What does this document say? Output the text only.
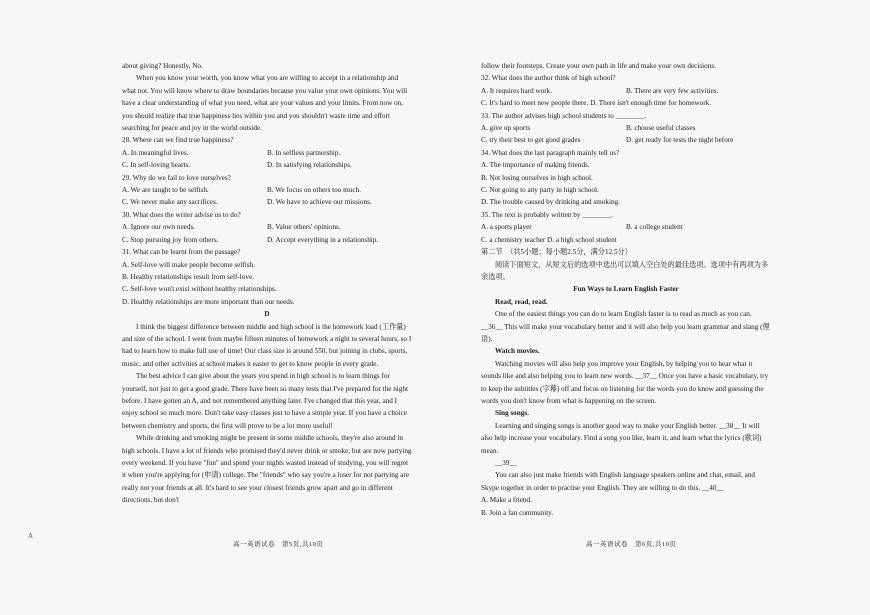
about giving? Honestly, No.

When you know your worth, you know what you are willing to accept in a relationship and what not. You will know where to draw boundaries because you value your own opinions. You will have a clear understanding of what you need, what are your values and your limits. From now on, you should realize that true happiness lies within you and you shouldn't waste time and effort searching for peace and joy in the world outside.

28. Where can we find true happiness?

A. In meaningful lives.	B. In selfless partnership.

C. In self-loving hearts.	D. In satisfying relationships.

29. Why do we fail to love ourselves?

A. We are taught to be selfish.	B. We focus on others too much.

C. We never make any sacrifices.	D. We have to achieve our missions.

30. What does the writer advise us to do?

A. Ignore our own needs.	B. Value others' opinions.

C. Stop pursuing joy from others.	D. Accept everything in a relationship.

31. What can be learnt from the passage?

A. Self-love will make people become selfish.

B. Healthy relationships result from self-love.

C. Self-love won't exist without healthy relationships.

D. Healthy relationships are more important than our needs.

D

I think the biggest difference between middle and high school is the homework load (工作量) and size of the school. I went from maybe fifteen minutes of homework a night to several hours, so I had to learn how to make full use of time! Our class size is around 550, but joining in clubs, sports, music, and other activities at school makes it easier to get to know people in every grade.

The best advice I can give about the years you spend in high school is to learn things for yourself, not just to get a good grade. There have been so many tests that I've prepared for the night before. I have gotten an A, and not remembered anything later. I've changed that this year, and I enjoy school so much more. Don't take easy classes just to have a simple year. If you have a choice between chemistry and sports, the first will prove to be a lot more useful!

While drinking and smoking might be present in some middle schools, they're also around in high schools. I have a lot of friends who promised they'd never drink or smoke, but are now partying every weekend. If you have "fun" and spend your nights wasted instead of studying, you will regret it when you're applying for (申请) college. The "friends" who say you're a loser for not partying are really not your friends at all. It's hard to see your closest friends grow apart and go in different directions, but don't

follow their footsteps. Create your own path in life and make your own decisions.

32. What does the author think of high school?

A. It requires hard work.	B. There are very few activities.

C. It's hard to meet new people there. D. There isn't enough time for homework.

33. The author advises high school students to ________.

A. give up sports	B. choose useful classes

C. try their best to get good grades	D. get ready for tests the night before

34. What does the last paragraph mainly tell us?

A. The importance of making friends.

B. Not losing ourselves in high school.

C. Not going to any party in high school.

D. The trouble caused by drinking and smoking.

35. The text is probably written by ________.

A. a sports player	B. a college student

C. a chemistry teacher D. a high school student

第二节　（共5小题；每小题2.5分，满分12.5分）

阅读下面短文，从短文后的选项中选出可以填入空白处的最佳选项。选项中有两项为多余选项。

Fun Ways to Learn English Faster

Read, read, read.

One of the easiest things you can do to learn English faster is to read as much as you can. __36__ This will make your vocabulary better and it will also help you learn grammar and slang (俚语).

Watch movies.

Watching movies will also help you improve your English, by helping you to hear what it sounds like and also helping you to learn new words. __37__ Once you have a basic vocabulary, try to keep the subtitles (字幕) off and focus on listening for the words you do know and guessing the words you don't know from what is happening on the screen.

Sing songs.

Learning and singing songs is another good way to make your English better. __38__ It will also help increase your vocabulary. Find a song you like, learn it, and learn what the lyrics (歌词) mean.

__39__

You can also just make friends with English language speakers online and chat, email, and Skype together in order to practise your English. They are willing to do this. __40__

A. Make a friend.

B. Join a fan community.

高一英语试卷　第5页,共10页	高一英语试卷　第6页,共10页
A
